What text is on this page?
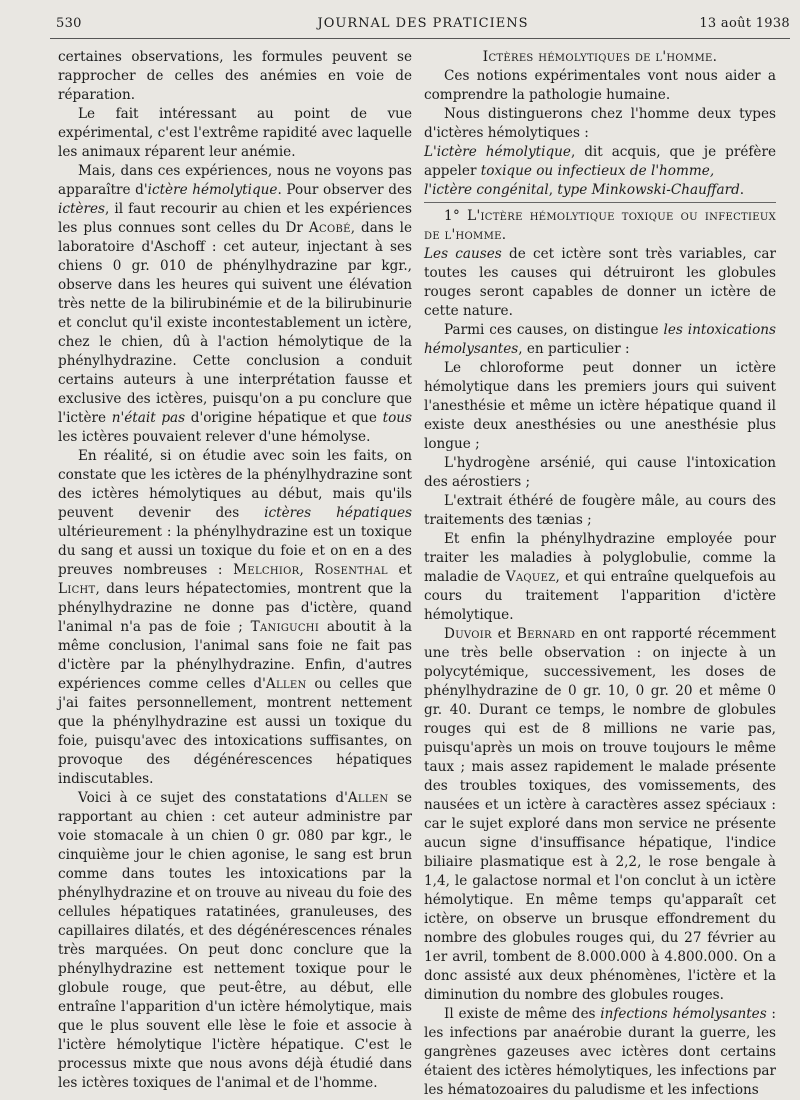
530	JOURNAL DES PRATICIENS	13 août 1938

certaines observations, les formules peuvent se rapprocher de celles des anémies en voie de réparation.

Le fait intéressant au point de vue expérimental, c'est l'extrême rapidité avec laquelle les animaux réparent leur anémie.

Mais, dans ces expériences, nous ne voyons pas apparaître d'ictère hémolytique. Pour observer des ictères, il faut recourir au chien et les expériences les plus connues sont celles du Dr Acobé, dans le laboratoire d'Aschoff : cet auteur, injectant à ses chiens 0 gr. 010 de phénylhydrazine par kgr., observe dans les heures qui suivent une élévation très nette de la bilirubinémie et de la bilirubinurie et conclut qu'il existe incontestablement un ictère, chez le chien, dû à l'action hémolytique de la phénylhydrazine. Cette conclusion a conduit certains auteurs à une interprétation fausse et exclusive des ictères, puisqu'on a pu conclure que l'ictère n'était pas d'origine hépatique et que tous les ictères pouvaient relever d'une hémolyse.

En réalité, si on étudie avec soin les faits, on constate que les ictères de la phénylhydrazine sont des ictères hémolytiques au début, mais qu'ils peuvent devenir des ictères hépatiques ultérieurement : la phénylhydrazine est un toxique du sang et aussi un toxique du foie et on en a des preuves nombreuses : Melchior, Rosenthal et Licht, dans leurs hépatectomies, montrent que la phénylhydrazine ne donne pas d'ictère, quand l'animal n'a pas de foie ; Taniguchi aboutit à la même conclusion, l'animal sans foie ne fait pas d'ictère par la phénylhydrazine. Enfin, d'autres expériences comme celles d'Allen ou celles que j'ai faites personnellement, montrent nettement que la phénylhydrazine est aussi un toxique du foie, puisqu'avec des intoxications suffisantes, on provoque des dégénérescences hépatiques indiscutables.

Voici à ce sujet des constatations d'Allen se rapportant au chien : cet auteur administre par voie stomacale à un chien 0 gr. 080 par kgr., le cinquième jour le chien agonise, le sang est brun comme dans toutes les intoxications par la phénylhydrazine et on trouve au niveau du foie des cellules hépatiques ratatinées, granuleuses, des capillaires dilatés, et des dégénérescences rénales très marquées. On peut donc conclure que la phénylhydrazine est nettement toxique pour le globule rouge, que peut-être, au début, elle entraîne l'apparition d'un ictère hémolytique, mais que le plus souvent elle lèse le foie et associe à l'ictère hémolytique l'ictère hépatique. C'est le processus mixte que nous avons déjà étudié dans les ictères toxiques de l'animal et de l'homme.

Ictères hémolytiques de l'homme.

Ces notions expérimentales vont nous aider a comprendre la pathologie humaine.

Nous distinguerons chez l'homme deux types d'ictères hémolytiques :

L'ictère hémolytique, dit acquis, que je préfère appeler toxique ou infectieux de l'homme,

l'ictère congénital, type Minkowski-Chauffard.

1° L'ictère hémolytique toxique ou infectieux de l'homme.

Les causes de cet ictère sont très variables, car toutes les causes qui détruiront les globules rouges seront capables de donner un ictère de cette nature.

Parmi ces causes, on distingue les intoxications hémolysantes, en particulier :

Le chloroforme peut donner un ictère hémolytique dans les premiers jours qui suivent l'anesthésie et même un ictère hépatique quand il existe deux anesthésies ou une anesthésie plus longue ;

L'hydrogène arsénié, qui cause l'intoxication des aérostiers ;

L'extrait éthéré de fougère mâle, au cours des traitements des tænias ;

Et enfin la phénylhydrazine employée pour traiter les maladies à polyglobulie, comme la maladie de Vaquez, et qui entraîne quelquefois au cours du traitement l'apparition d'ictère hémolytique.

Duvoir et Bernard en ont rapporté récemment une très belle observation : on injecte à un polycytémique, successivement, les doses de phénylhydrazine de 0 gr. 10, 0 gr. 20 et même 0 gr. 40. Durant ce temps, le nombre de globules rouges qui est de 8 millions ne varie pas, puisqu'après un mois on trouve toujours le même taux ; mais assez rapidement le malade présente des troubles toxiques, des vomissements, des nausées et un ictère à caractères assez spéciaux : car le sujet exploré dans mon service ne présente aucun signe d'insuffisance hépatique, l'indice biliaire plasmatique est à 2,2, le rose bengale à 1,4, le galactose normal et l'on conclut à un ictère hémolytique. En même temps qu'apparaît cet ictère, on observe un brusque effondrement du nombre des globules rouges qui, du 27 février au 1er avril, tombent de 8.000.000 à 4.800.000. On a donc assisté aux deux phénomènes, l'ictère et la diminution du nombre des globules rouges.

Il existe de même des infections hémolysantes : les infections par anaérobie durant la guerre, les gangrènes gazeuses avec ictères dont certains étaient des ictères hémolytiques, les infections par les hématozoaires du paludisme et les infections
